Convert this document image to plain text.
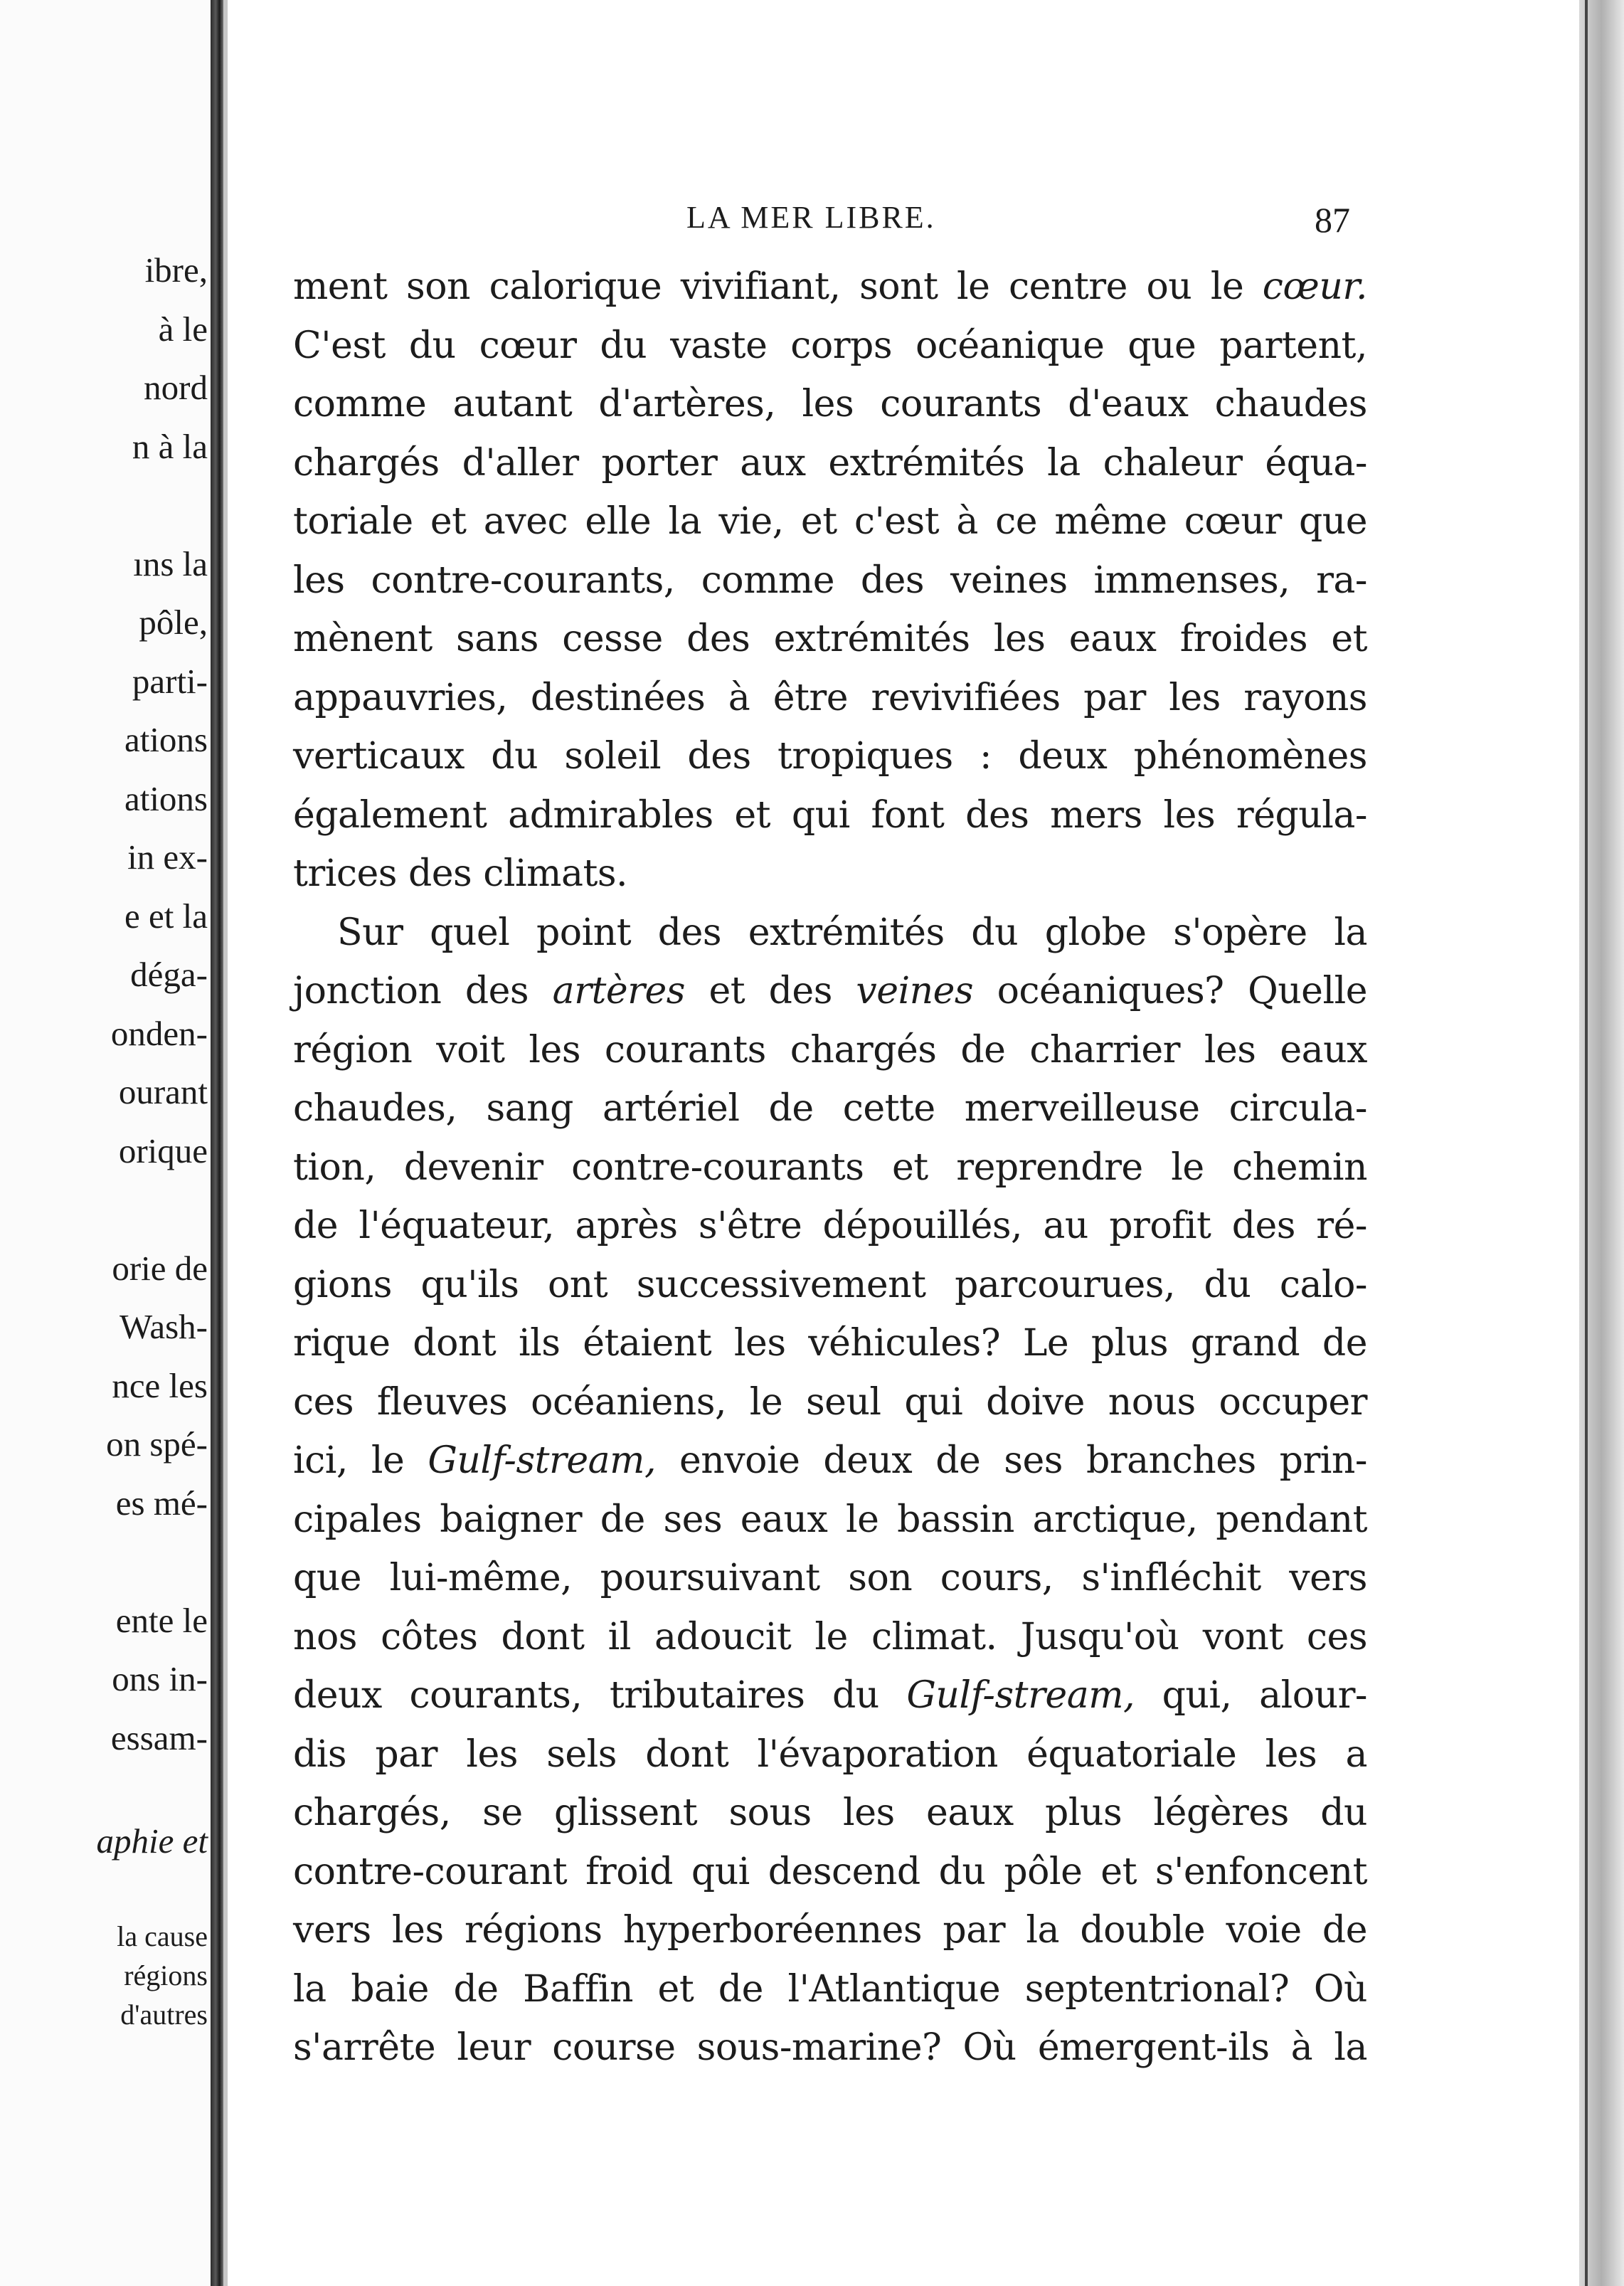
ibre,
à le
nord
n à la
ıns la
pôle,
parti-
ations
ations
in ex-
e et la
déga-
onden-
ourant
orique
orie de
Wash-
nce les
on spé-
es mé-
ente le
ons in-
essam-
aphie et
la cause
régions
d'autres
LA MER LIBRE.	87
ment son calorique vivifiant, sont le centre ou le cœur.
C'est du cœur du vaste corps océanique que partent,
comme autant d'artères, les courants d'eaux chaudes
chargés d'aller porter aux extrémités la chaleur équa-
toriale et avec elle la vie, et c'est à ce même cœur que
les contre-courants, comme des veines immenses, ra-
mènent sans cesse des extrémités les eaux froides et
appauvries, destinées à être revivifiées par les rayons
verticaux du soleil des tropiques : deux phénomènes
également admirables et qui font des mers les régula-
trices des climats.
Sur quel point des extrémités du globe s'opère la
jonction des artères et des veines océaniques? Quelle
région voit les courants chargés de charrier les eaux
chaudes, sang artériel de cette merveilleuse circula-
tion, devenir contre-courants et reprendre le chemin
de l'équateur, après s'être dépouillés, au profit des ré-
gions qu'ils ont successivement parcourues, du calo-
rique dont ils étaient les véhicules? Le plus grand de
ces fleuves océaniens, le seul qui doive nous occuper
ici, le Gulf-stream, envoie deux de ses branches prin-
cipales baigner de ses eaux le bassin arctique, pendant
que lui-même, poursuivant son cours, s'infléchit vers
nos côtes dont il adoucit le climat. Jusqu'où vont ces
deux courants, tributaires du Gulf-stream, qui, alour-
dis par les sels dont l'évaporation équatoriale les a
chargés, se glissent sous les eaux plus légères du
contre-courant froid qui descend du pôle et s'enfoncent
vers les régions hyperboréennes par la double voie de
la baie de Baffin et de l'Atlantique septentrional? Où
s'arrête leur course sous-marine? Où émergent-ils à la
